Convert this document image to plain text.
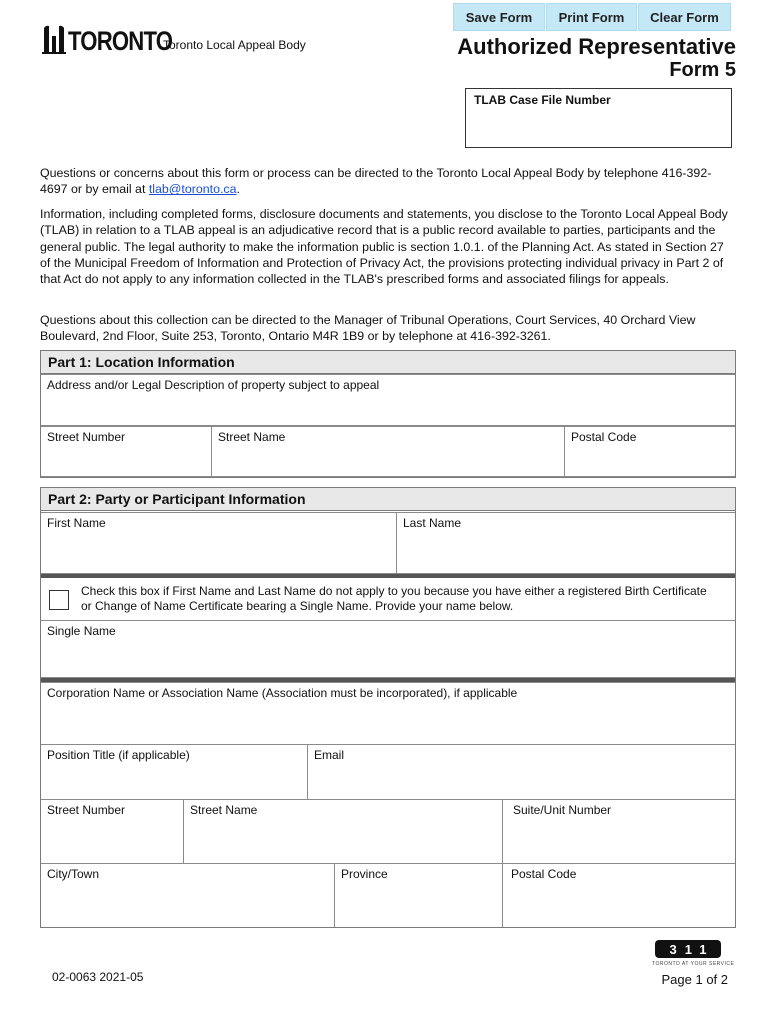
Save Form	Print Form	Clear Form
TORONTO
Toronto Local Appeal Body	Authorized Representative
Form 5
TLAB Case File Number
Questions or concerns about this form or process can be directed to the Toronto Local Appeal Body by telephone 416-392-4697 or by email at tlab@toronto.ca.
Information, including completed forms, disclosure documents and statements, you disclose to the Toronto Local Appeal Body (TLAB) in relation to a TLAB appeal is an adjudicative record that is a public record available to parties, participants and the general public. The legal authority to make the information public is section 1.0.1. of the Planning Act. As stated in Section 27 of the Municipal Freedom of Information and Protection of Privacy Act, the provisions protecting individual privacy in Part 2 of that Act do not apply to any information collected in the TLAB's prescribed forms and associated filings for appeals.
Questions about this collection can be directed to the Manager of Tribunal Operations, Court Services, 40 Orchard View Boulevard, 2nd Floor, Suite 253, Toronto, Ontario M4R 1B9 or by telephone at 416-392-3261.
Part 1: Location Information
Address and/or Legal Description of property subject to appeal
Street Number	Street Name	Postal Code
Part 2: Party or Participant Information
First Name	Last Name
Check this box if First Name and Last Name do not apply to you because you have either a registered Birth Certificate or Change of Name Certificate bearing a Single Name. Provide your name below.
Single Name
Corporation Name or Association Name (Association must be incorporated), if applicable
Position Title (if applicable)	Email
Street Number	Street Name	Suite/Unit Number
City/Town	Province	Postal Code
02-0063 2021-05	Page 1 of 2
311
TORONTO AT YOUR SERVICE
